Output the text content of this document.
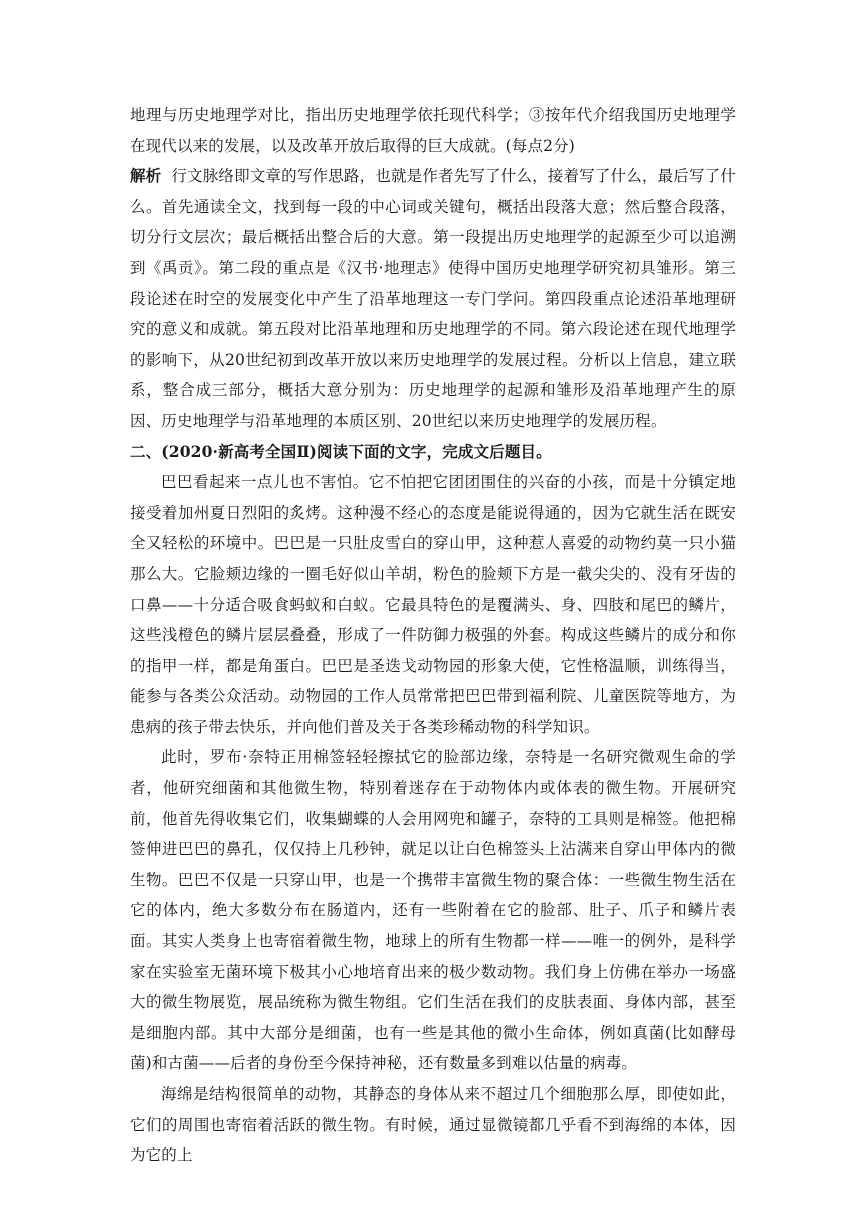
地理与历史地理学对比，指出历史地理学依托现代科学；③按年代介绍我国历史地理学在现代以来的发展，以及改革开放后取得的巨大成就。(每点2分)

解析 行文脉络即文章的写作思路，也就是作者先写了什么，接着写了什么，最后写了什么。首先通读全文，找到每一段的中心词或关键句，概括出段落大意；然后整合段落，切分行文层次；最后概括出整合后的大意。第一段提出历史地理学的起源至少可以追溯到《禹贡》。第二段的重点是《汉书·地理志》使得中国历史地理学研究初具雏形。第三段论述在时空的发展变化中产生了沿革地理这一专门学问。第四段重点论述沿革地理研究的意义和成就。第五段对比沿革地理和历史地理学的不同。第六段论述在现代地理学的影响下，从20世纪初到改革开放以来历史地理学的发展过程。分析以上信息，建立联系，整合成三部分，概括大意分别为：历史地理学的起源和雏形及沿革地理产生的原因、历史地理学与沿革地理的本质区别、20世纪以来历史地理学的发展历程。

二、(2020·新高考全国Ⅱ)阅读下面的文字，完成文后题目。

巴巴看起来一点儿也不害怕。它不怕把它团团围住的兴奋的小孩，而是十分镇定地接受着加州夏日烈阳的炙烤。这种漫不经心的态度是能说得通的，因为它就生活在既安全又轻松的环境中。巴巴是一只肚皮雪白的穿山甲，这种惹人喜爱的动物约莫一只小猫那么大。它脸颊边缘的一圈毛好似山羊胡，粉色的脸颊下方是一截尖尖的、没有牙齿的口鼻——十分适合吸食蚂蚁和白蚁。它最具特色的是覆满头、身、四肢和尾巴的鳞片，这些浅橙色的鳞片层层叠叠，形成了一件防御力极强的外套。构成这些鳞片的成分和你的指甲一样，都是角蛋白。巴巴是圣迭戈动物园的形象大使，它性格温顺，训练得当，能参与各类公众活动。动物园的工作人员常常把巴巴带到福利院、儿童医院等地方，为患病的孩子带去快乐，并向他们普及关于各类珍稀动物的科学知识。

此时，罗布·奈特正用棉签轻轻擦拭它的脸部边缘，奈特是一名研究微观生命的学者，他研究细菌和其他微生物，特别着迷存在于动物体内或体表的微生物。开展研究前，他首先得收集它们，收集蝴蝶的人会用网兜和罐子，奈特的工具则是棉签。他把棉签伸进巴巴的鼻孔，仅仅持上几秒钟，就足以让白色棉签头上沾满来自穿山甲体内的微生物。巴巴不仅是一只穿山甲，也是一个携带丰富微生物的聚合体：一些微生物生活在它的体内，绝大多数分布在肠道内，还有一些附着在它的脸部、肚子、爪子和鳞片表面。其实人类身上也寄宿着微生物，地球上的所有生物都一样——唯一的例外，是科学家在实验室无菌环境下极其小心地培育出来的极少数动物。我们身上仿佛在举办一场盛大的微生物展览，展品统称为微生物组。它们生活在我们的皮肤表面、身体内部，甚至是细胞内部。其中大部分是细菌，也有一些是其他的微小生命体，例如真菌(比如酵母菌)和古菌——后者的身份至今保持神秘，还有数量多到难以估量的病毒。

海绵是结构很简单的动物，其静态的身体从来不超过几个细胞那么厚，即使如此，它们的周围也寄宿着活跃的微生物。有时候，通过显微镜都几乎看不到海绵的本体，因为它的上
